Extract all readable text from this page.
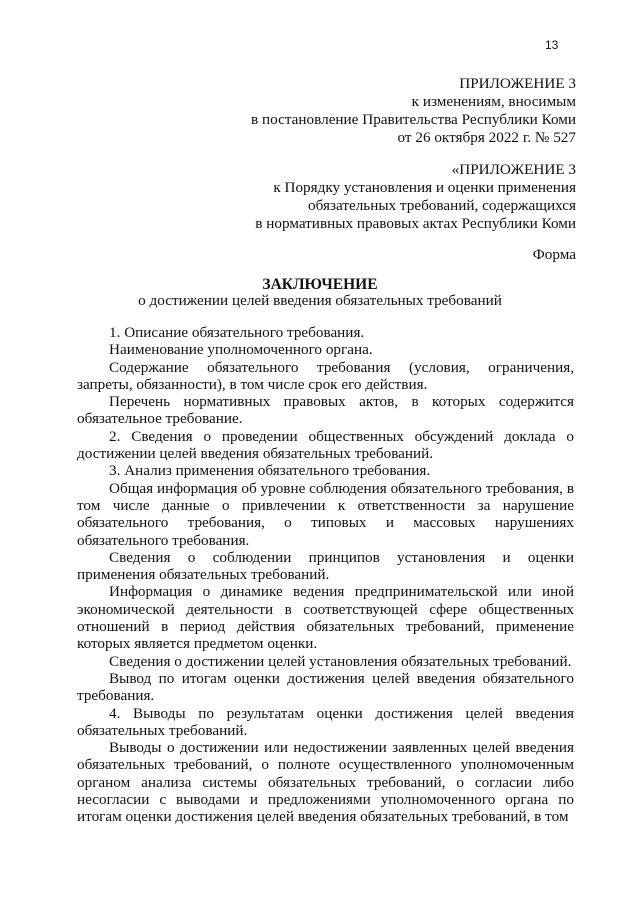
13
ПРИЛОЖЕНИЕ 3
к изменениям, вносимым
в постановление Правительства Республики Коми
от 26 октября 2022 г. № 527
«ПРИЛОЖЕНИЕ 3
к Порядку установления и оценки применения
обязательных требований, содержащихся
в нормативных правовых актах Республики Коми
Форма
ЗАКЛЮЧЕНИЕ
о достижении целей введения обязательных требований

1. Описание обязательного требования.

Наименование уполномоченного органа.

Содержание обязательного требования (условия, ограничения, запреты, обязанности), в том числе срок его действия.

Перечень нормативных правовых актов, в которых содержится обязательное требование.

2. Сведения о проведении общественных обсуждений доклада о достижении целей введения обязательных требований.

3. Анализ применения обязательного требования.

Общая информация об уровне соблюдения обязательного требования, в том числе данные о привлечении к ответственности за нарушение обязательного требования, о типовых и массовых нарушениях обязательного требования.

Сведения о соблюдении принципов установления и оценки применения обязательных требований.

Информация о динамике ведения предпринимательской или иной экономической деятельности в соответствующей сфере общественных отношений в период действия обязательных требований, применение которых является предметом оценки.

Сведения о достижении целей установления обязательных требований.

Вывод по итогам оценки достижения целей введения обязательного требования.

4. Выводы по результатам оценки достижения целей введения обязательных требований.

Выводы о достижении или недостижении заявленных целей введения обязательных требований, о полноте осуществленного уполномоченным органом анализа системы обязательных требований, о согласии либо несогласии с выводами и предложениями уполномоченного органа по итогам оценки достижения целей введения обязательных требований, в том
